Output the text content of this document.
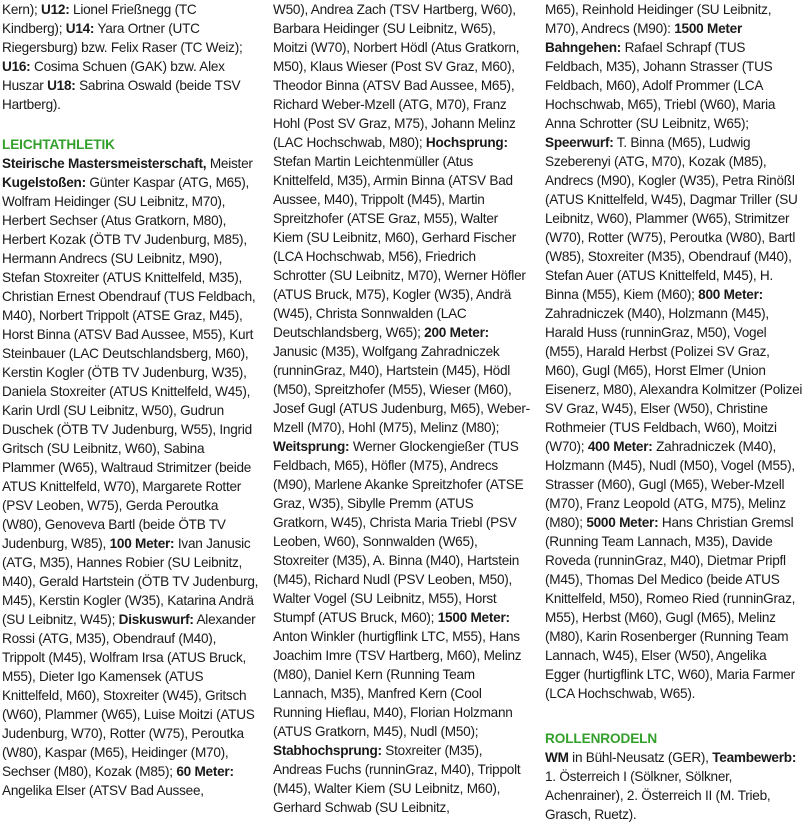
Kern); U12: Lionel Frießnegg (TC Kindberg); U14: Yara Ortner (UTC Riegersburg) bzw. Felix Raser (TC Weiz); U16: Cosima Schuen (GAK) bzw. Alex Huszar U18: Sabrina Oswald (beide TSV Hartberg).

LEICHTATHLETIK

Steirische Mastersmeisterschaft, Meister Kugelstoßen: Günter Kaspar (ATG, M65), Wolfram Heidinger (SU Leibnitz, M70), Herbert Sechser (Atus Gratkorn, M80), Herbert Kozak (ÖTB TV Judenburg, M85), Hermann Andrecs (SU Leibnitz, M90), Stefan Stoxreiter (ATUS Knittelfeld, M35), Christian Ernest Obendrauf (TUS Feldbach, M40), Norbert Trippolt (ATSE Graz, M45), Horst Binna (ATSV Bad Aussee, M55), Kurt Steinbauer (LAC Deutschlandsberg, M60), Kerstin Kogler (ÖTB TV Judenburg, W35), Daniela Stoxreiter (ATUS Knittelfeld, W45), Karin Urdl (SU Leibnitz, W50), Gudrun Duschek (ÖTB TV Judenburg, W55), Ingrid Gritsch (SU Leibnitz, W60), Sabina Plammer (W65), Waltraud Strimitzer (beide ATUS Knittelfeld, W70), Margarete Rotter (PSV Leoben, W75), Gerda Peroutka (W80), Genoveva Bartl (beide ÖTB TV Judenburg, W85), 100 Meter: Ivan Janusic (ATG, M35), Hannes Robier (SU Leibnitz, M40), Gerald Hartstein (ÖTB TV Judenburg, M45), Kerstin Kogler (W35), Katarina Andrä (SU Leibnitz, W45); Diskuswurf: Alexander Rossi (ATG, M35), Obendrauf (M40), Trippolt (M45), Wolfram Irsa (ATUS Bruck, M55), Dieter Igo Kamensek (ATUS Knittelfeld, M60), Stoxreiter (W45), Gritsch (W60), Plammer (W65), Luise Moitzi (ATUS Judenburg, W70), Rotter (W75), Peroutka (W80), Kaspar (M65), Heidinger (M70), Sechser (M80), Kozak (M85); 60 Meter: Angelika Elser (ATSV Bad Aussee,

W50), Andrea Zach (TSV Hartberg, W60), Barbara Heidinger (SU Leibnitz, W65), Moitzi (W70), Norbert Hödl (Atus Gratkorn, M50), Klaus Wieser (Post SV Graz, M60), Theodor Binna (ATSV Bad Aussee, M65), Richard Weber-Mzell (ATG, M70), Franz Hohl (Post SV Graz, M75), Johann Melinz (LAC Hochschwab, M80); Hochsprung: Stefan Martin Leichtenmüller (Atus Knittelfeld, M35), Armin Binna (ATSV Bad Aussee, M40), Trippolt (M45), Martin Spreitzhofer (ATSE Graz, M55), Walter Kiem (SU Leibnitz, M60), Gerhard Fischer (LCA Hochschwab, M56), Friedrich Schrotter (SU Leibnitz, M70), Werner Höfler (ATUS Bruck, M75), Kogler (W35), Andrä (W45), Christa Sonnwalden (LAC Deutschlandsberg, W65); 200 Meter: Janusic (M35), Wolfgang Zahradniczek (runninGraz, M40), Hartstein (M45), Hödl (M50), Spreitzhofer (M55), Wieser (M60), Josef Gugl (ATUS Judenburg, M65), Weber-Mzell (M70), Hohl (M75), Melinz (M80); Weitsprung: Werner Glockengießer (TUS Feldbach, M65), Höfler (M75), Andrecs (M90), Marlene Akanke Spreitzhofer (ATSE Graz, W35), Sibylle Premm (ATUS Gratkorn, W45), Christa Maria Triebl (PSV Leoben, W60), Sonnwalden (W65), Stoxreiter (M35), A. Binna (M40), Hartstein (M45), Richard Nudl (PSV Leoben, M50), Walter Vogel (SU Leibnitz, M55), Horst Stumpf (ATUS Bruck, M60); 1500 Meter: Anton Winkler (hurtigflink LTC, M55), Hans Joachim Imre (TSV Hartberg, M60), Melinz (M80), Daniel Kern (Running Team Lannach, M35), Manfred Kern (Cool Running Hieflau, M40), Florian Holzmann (ATUS Gratkorn, M45), Nudl (M50); Stabhochsprung: Stoxreiter (M35), Andreas Fuchs (runninGraz, M40), Trippolt (M45), Walter Kiem (SU Leibnitz, M60), Gerhard Schwab (SU Leibnitz,

M65), Reinhold Heidinger (SU Leibnitz, M70), Andrecs (M90): 1500 Meter Bahngehen: Rafael Schrapf (TUS Feldbach, M35), Johann Strasser (TUS Feldbach, M60), Adolf Prommer (LCA Hochschwab, M65), Triebl (W60), Maria Anna Schrotter (SU Leibnitz, W65); Speerwurf: T. Binna (M65), Ludwig Szeberenyi (ATG, M70), Kozak (M85), Andrecs (M90), Kogler (W35), Petra Rinößl (ATUS Knittelfeld, W45), Dagmar Triller (SU Leibnitz, W60), Plammer (W65), Strimitzer (W70), Rotter (W75), Peroutka (W80), Bartl (W85), Stoxreiter (M35), Obendrauf (M40), Stefan Auer (ATUS Knittelfeld, M45), H. Binna (M55), Kiem (M60); 800 Meter: Zahradniczek (M40), Holzmann (M45), Harald Huss (runninGraz, M50), Vogel (M55), Harald Herbst (Polizei SV Graz, M60), Gugl (M65), Horst Elmer (Union Eisenerz, M80), Alexandra Kolmitzer (Polizei SV Graz, W45), Elser (W50), Christine Rothmeier (TUS Feldbach, W60), Moitzi (W70); 400 Meter: Zahradniczek (M40), Holzmann (M45), Nudl (M50), Vogel (M55), Strasser (M60), Gugl (M65), Weber-Mzell (M70), Franz Leopold (ATG, M75), Melinz (M80); 5000 Meter: Hans Christian Gremsl (Running Team Lannach, M35), Davide Roveda (runninGraz, M40), Dietmar Pripfl (M45), Thomas Del Medico (beide ATUS Knittelfeld, M50), Romeo Ried (runninGraz, M55), Herbst (M60), Gugl (M65), Melinz (M80), Karin Rosenberger (Running Team Lannach, W45), Elser (W50), Angelika Egger (hurtigflink LTC, W60), Maria Farmer (LCA Hochschwab, W65).

ROLLENRODELN

WM in Bühl-Neusatz (GER), Teambewerb: 1. Österreich I (Sölkner, Sölkner, Achenrainer), 2. Österreich II (M. Trieb, Grasch, Ruetz).
